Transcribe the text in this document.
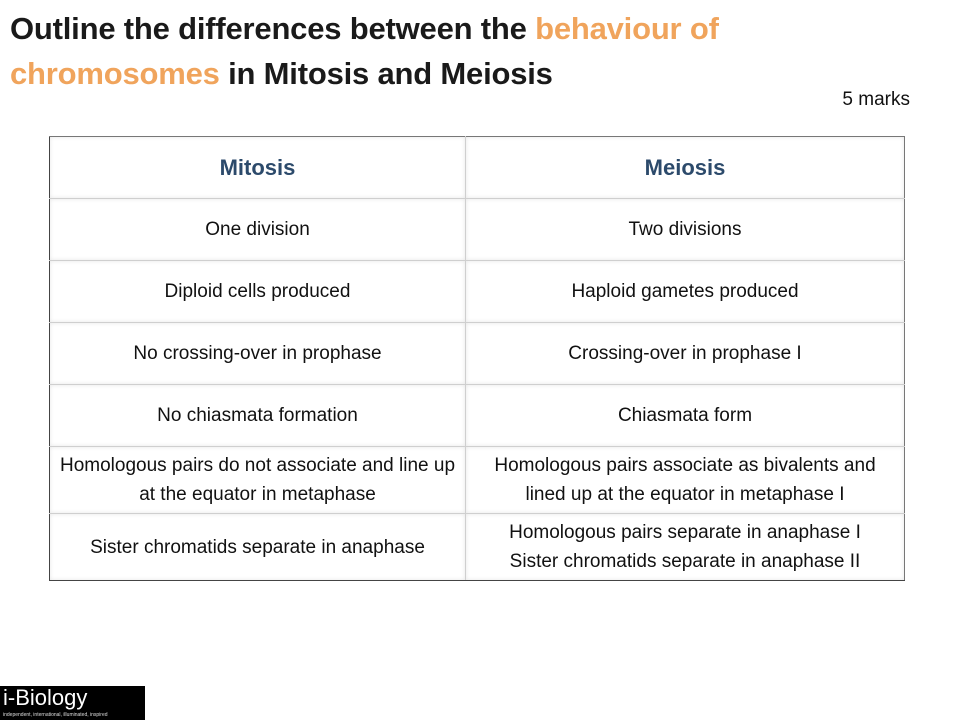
Outline the differences between the behaviour of
chromosomes in Mitosis and Meiosis
5 marks
Mitosis	Meiosis
One division	Two divisions
Diploid cells produced	Haploid gametes produced
No crossing-over in prophase	Crossing-over in prophase I
No chiasmata formation	Chiasmata form
Homologous pairs do not associate and line up at the equator in metaphase	Homologous pairs associate as bivalents and lined up at the equator in metaphase I
Sister chromatids separate in anaphase	Homologous pairs separate in anaphase I
Sister chromatids separate in anaphase II
i-Biology
independent, international, illuminated, inspired
